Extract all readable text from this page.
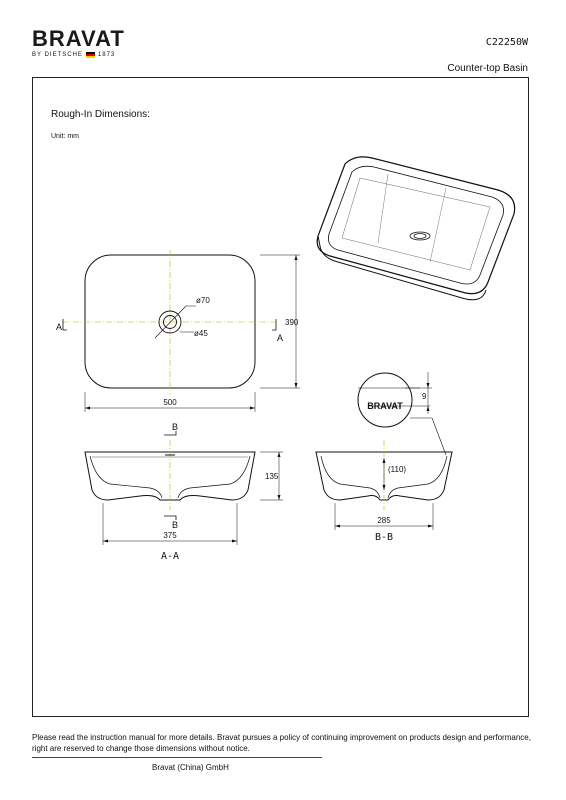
BRAVAT
BY DIETSCHE	1873
C22250W
Counter-top Basin
Rough-In Dimensions:
Unit: mm
ø70
ø45
A
A
500
390
B
B
135
375
A-A
(110)
285
B-B
BRAVAT
9
Please read the instruction manual for more details. Bravat pursues a policy of continuing improvement on products design and performance, right are reserved to change those dimensions without notice.
Bravat (China) GmbH
